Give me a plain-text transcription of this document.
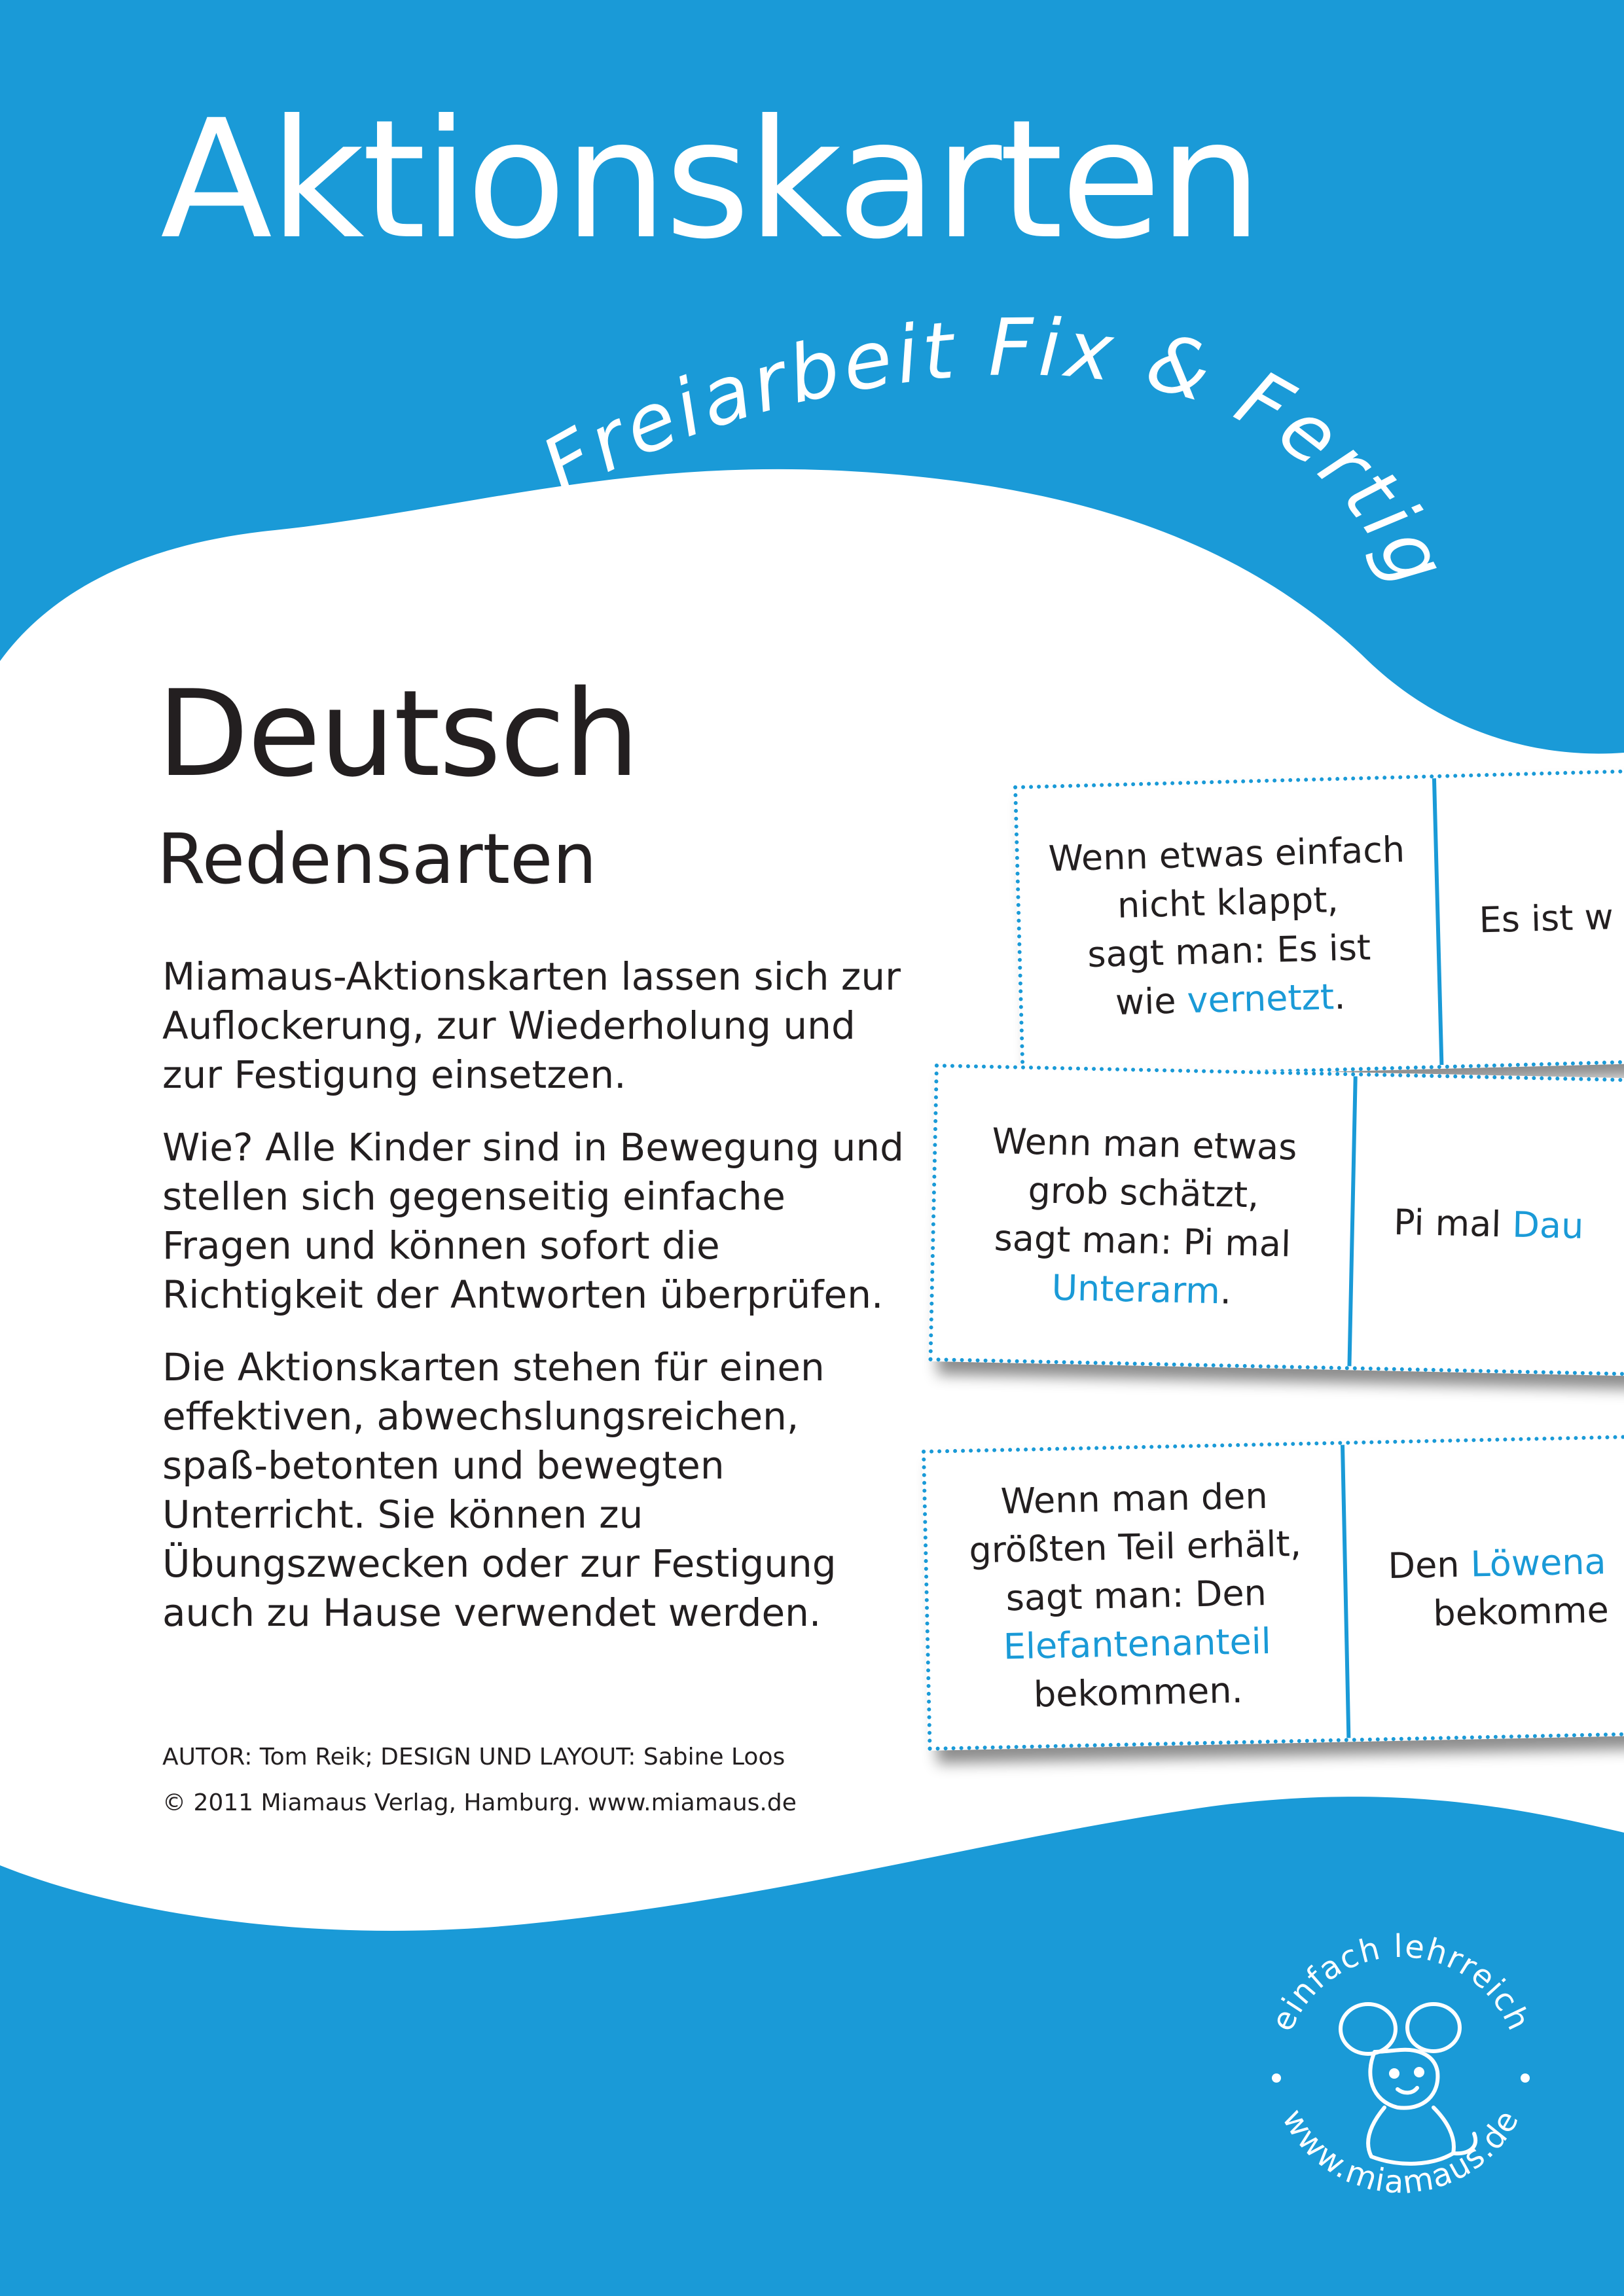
Aktionskarten
Freiarbeit Fix & Fertig
Deutsch
Redensarten

Miamaus-Aktionskarten lassen sich zur Auflockerung, zur Wiederholung und zur Festigung einsetzen.

Wie? Alle Kinder sind in Bewegung und stellen sich gegenseitig einfache Fragen und können sofort die Richtigkeit der Antworten überprüfen.

Die Aktionskarten stehen für einen effektiven, abwechslungsreichen, spaß-betonten und bewegten Unterricht. Sie können zu Übungszwecken oder zur Festigung auch zu Hause verwendet werden.

AUTOR: Tom Reik; DESIGN UND LAYOUT: Sabine Loos
© 2011 Miamaus Verlag, Hamburg. www.miamaus.de
Wenn etwas einfach
nicht klappt,
sagt man: Es ist
wie vernetzt.
Es ist w
Wenn man etwas
grob schätzt,
sagt man: Pi mal
Unterarm.
Pi mal Dau
Wenn man den
größten Teil erhält,
sagt man: Den
Elefantenanteil
bekommen.
Den Löwena
bekomme
einfach lehrreich
www.miamaus.de
